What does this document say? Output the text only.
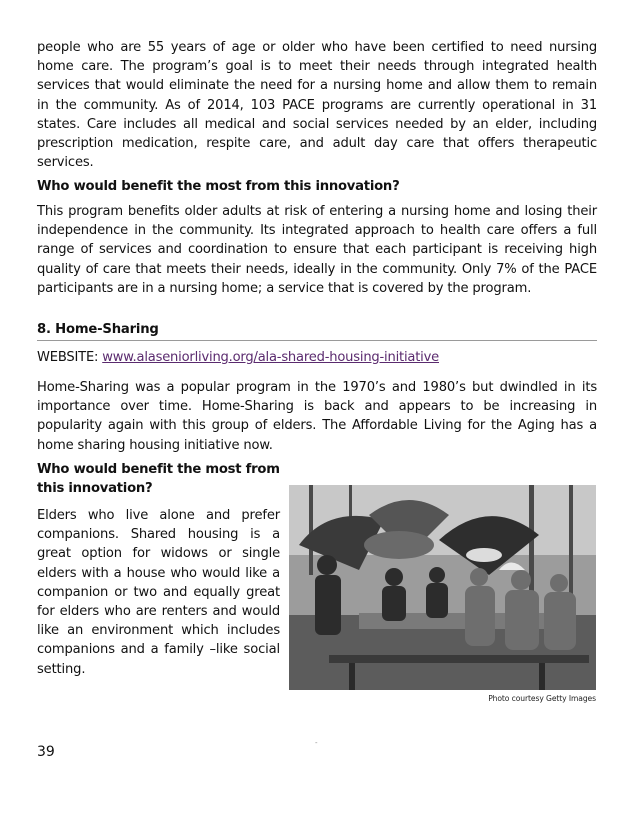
people who are 55 years of age or older who have been certified to need nursing home care. The program’s goal is to meet their needs through integrated health services that would eliminate the need for a nursing home and allow them to remain in the community. As of 2014, 103 PACE programs are currently operational in 31 states. Care includes all medical and social services needed by an elder, including prescription medication, respite care, and adult day care that offers therapeutic services.

Who would benefit the most from this innovation?

This program benefits older adults at risk of entering a nursing home and losing their independence in the community. Its integrated approach to health care offers a full range of services and coordination to ensure that each participant is receiving high quality of care that meets their needs, ideally in the community. Only 7% of the PACE participants are in a nursing home; a service that is covered by the program.

8. Home-Sharing

WEBSITE: www.alaseniorliving.org/ala-shared-housing-initiative

Home-Sharing was a popular program in the 1970’s and 1980’s but dwindled in its importance over time. Home-Sharing is back and appears to be increasing in popularity again with this group of elders. The Affordable Living for the Aging has a home sharing housing initiative now.

Who would benefit the most from this innovation?

Elders who live alone and prefer companions. Shared housing is a great option for widows or single elders with a house who would like a companion or two and equally great for elders who are renters and would like an environment which includes companions and a family –like social setting.

Photo courtesy Getty Images

-

39
